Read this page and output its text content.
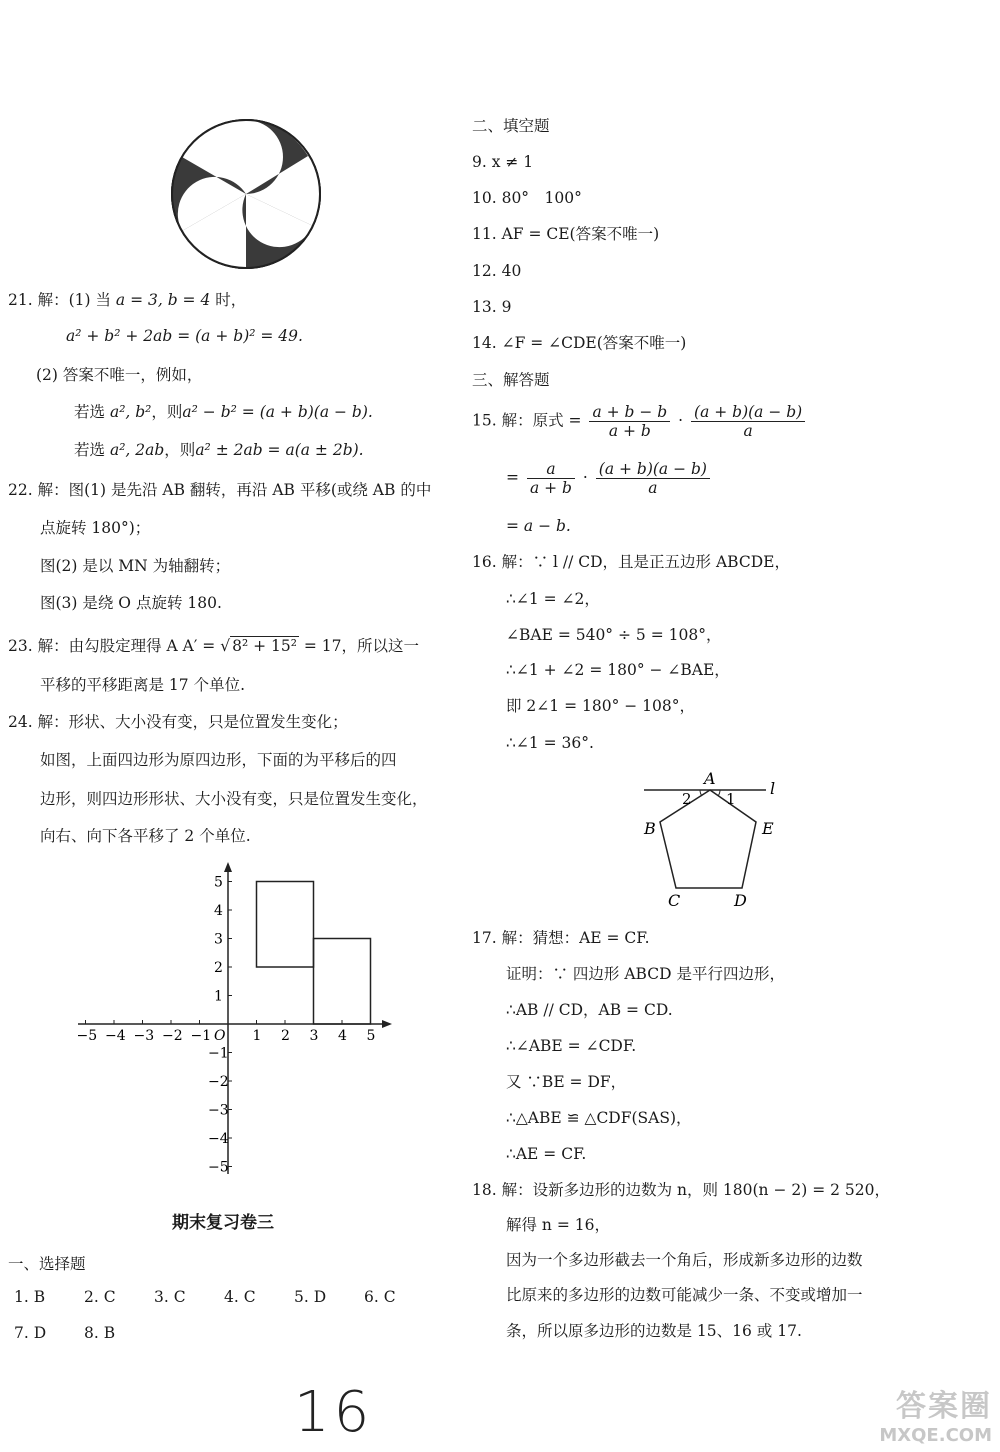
21. 解：(1) 当 a = 3, b = 4 时，
a² + b² + 2ab = (a + b)² = 49.
(2) 答案不唯一，例如，
若选 a², b²，则a² − b² = (a + b)(a − b).
若选 a², 2ab，则a² ± 2ab = a(a ± 2b).
22. 解：图(1) 是先沿 AB 翻转，再沿 AB 平移(或绕 AB 的中
点旋转 180°)；
图(2) 是以 MN 为轴翻转；
图(3) 是绕 O 点旋转 180.
23. 解：由勾股定理得 A A′ = √ 8² + 15² = 17，所以这一
平移的平移距离是 17 个单位.
24. 解：形状、大小没有变，只是位置发生变化；
如图，上面四边形为原四边形，下面的为平移后的四
边形，则四边形形状、大小没有变，只是位置发生变化，
向右、向下各平移了 2 个单位.
−5 −4 −3 −2 −1	1 2 3 4 5
5
4
3
2
1
−1
−2
−3
−4
−5
O
期末复习卷三
一、选择题
1. B	2. C 3. C 4. C 5. D 6. C
7. D 8. B
二、填空题
9. x ≠ 1
10. 80°　100°
11. AF = CE(答案不唯一)
12. 40
13. 9
14. ∠F = ∠CDE(答案不唯一)
三、解答题
15. 解：原式 = $\frac{a + b - b}{a + b} \cdot \frac{(a + b)(a - b)}{a}$
= $\frac{a}{a + b} \cdot \frac{(a + b)(a - b)}{a}$
= a − b.
16. 解：∵ l // CD，且是正五边形 ABCDE，
∴∠1 = ∠2，
∠BAE = 540° ÷ 5 = 108°，
∴∠1 + ∠2 = 180° − ∠BAE，
即 2∠1 = 180° − 108°，
∴∠1 = 36°.
A
B
C	D
E
l
2 1
17. 解：猜想：AE = CF.
证明：∵ 四边形 ABCD 是平行四边形，
∴AB // CD，AB = CD.
∴∠ABE = ∠CDF.
又 ∵BE = DF，
∴△ABE ≌ △CDF(SAS)，
∴AE = CF.
18. 解：设新多边形的边数为 n，则 180(n − 2) = 2 520，
解得 n = 16，
因为一个多边形截去一个角后，形成新多边形的边数
比原来的多边形的边数可能减少一条、不变或增加一
条，所以原多边形的边数是 15、16 或 17.
16	答案圈
MXQE.COM
